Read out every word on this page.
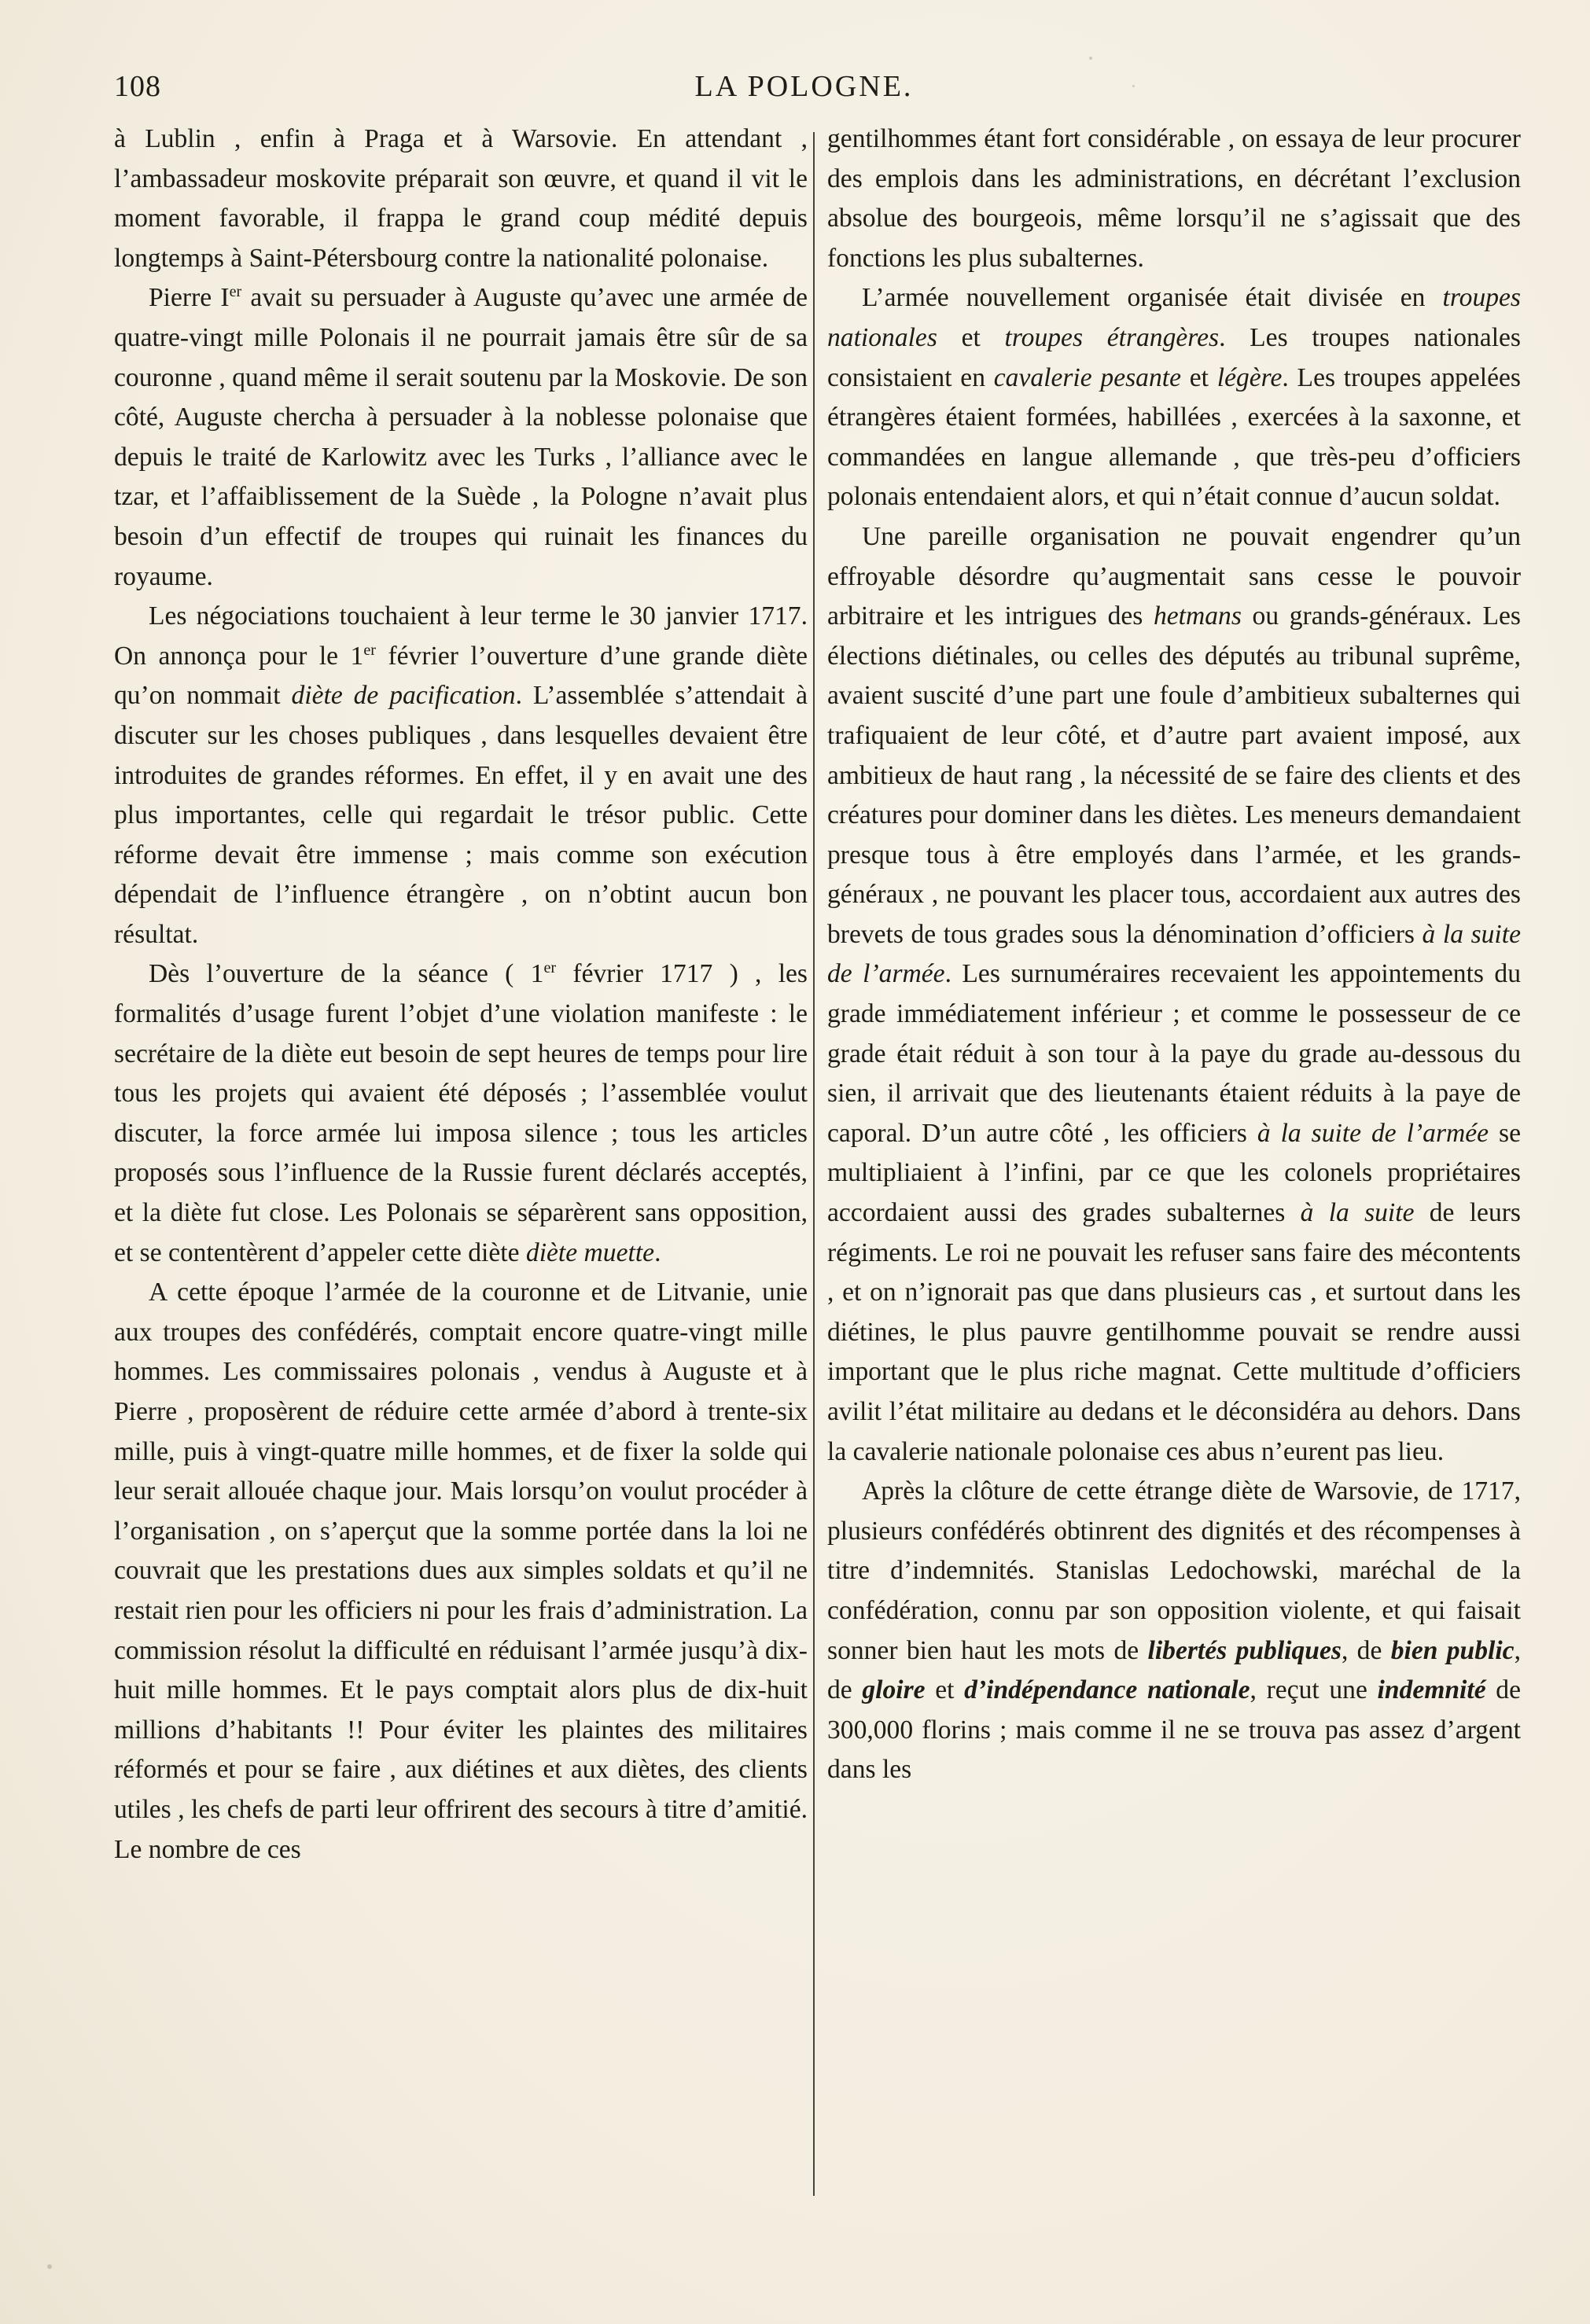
108	LA POLOGNE.

à Lublin , enfin à Praga et à Warsovie. En attendant , l’ambassadeur moskovite préparait son œuvre, et quand il vit le moment favorable, il frappa le grand coup médité depuis longtemps à Saint-Pétersbourg contre la nationalité polonaise.

Pierre Ier avait su persuader à Auguste qu’avec une armée de quatre-vingt mille Polonais il ne pourrait jamais être sûr de sa couronne , quand même il serait soutenu par la Moskovie. De son côté, Auguste chercha à persuader à la noblesse polonaise que depuis le traité de Karlowitz avec les Turks , l’alliance avec le tzar, et l’affaiblissement de la Suède , la Pologne n’avait plus besoin d’un effectif de troupes qui ruinait les finances du royaume.

Les négociations touchaient à leur terme le 30 janvier 1717. On annonça pour le 1er février l’ouverture d’une grande diète qu’on nommait diète de pacification. L’assemblée s’attendait à discuter sur les choses publiques , dans lesquelles devaient être introduites de grandes réformes. En effet, il y en avait une des plus importantes, celle qui regardait le trésor public. Cette réforme devait être immense ; mais comme son exécution dépendait de l’influence étrangère , on n’obtint aucun bon résultat.

Dès l’ouverture de la séance ( 1er février 1717 ) , les formalités d’usage furent l’objet d’une violation manifeste : le secrétaire de la diète eut besoin de sept heures de temps pour lire tous les projets qui avaient été déposés ; l’assemblée voulut discuter, la force armée lui imposa silence ; tous les articles proposés sous l’influence de la Russie furent déclarés acceptés, et la diète fut close. Les Polonais se séparèrent sans opposition, et se contentèrent d’appeler cette diète diète muette.

A cette époque l’armée de la couronne et de Litvanie, unie aux troupes des confédérés, comptait encore quatre-vingt mille hommes. Les commissaires polonais , vendus à Auguste et à Pierre , proposèrent de réduire cette armée d’abord à trente-six mille, puis à vingt-quatre mille hommes, et de fixer la solde qui leur serait allouée chaque jour. Mais lorsqu’on voulut procéder à l’organisation , on s’aperçut que la somme portée dans la loi ne couvrait que les prestations dues aux simples soldats et qu’il ne restait rien pour les officiers ni pour les frais d’administration. La commission résolut la difficulté en réduisant l’armée jusqu’à dix-huit mille hommes. Et le pays comptait alors plus de dix-huit millions d’habitants !! Pour éviter les plaintes des militaires réformés et pour se faire , aux diétines et aux diètes, des clients utiles , les chefs de parti leur offrirent des secours à titre d’amitié. Le nombre de ces

gentilhommes étant fort considérable , on essaya de leur procurer des emplois dans les administrations, en décrétant l’exclusion absolue des bourgeois, même lorsqu’il ne s’agissait que des fonctions les plus subalternes.

L’armée nouvellement organisée était divisée en troupes nationales et troupes étrangères. Les troupes nationales consistaient en cavalerie pesante et légère. Les troupes appelées étrangères étaient formées, habillées , exercées à la saxonne, et commandées en langue allemande , que très-peu d’officiers polonais entendaient alors, et qui n’était connue d’aucun soldat.

Une pareille organisation ne pouvait engendrer qu’un effroyable désordre qu’augmentait sans cesse le pouvoir arbitraire et les intrigues des hetmans ou grands-généraux. Les élections diétinales, ou celles des députés au tribunal suprême, avaient suscité d’une part une foule d’ambitieux subalternes qui trafiquaient de leur côté, et d’autre part avaient imposé, aux ambitieux de haut rang , la nécessité de se faire des clients et des créatures pour dominer dans les diètes. Les meneurs demandaient presque tous à être employés dans l’armée, et les grands-généraux , ne pouvant les placer tous, accordaient aux autres des brevets de tous grades sous la dénomination d’officiers à la suite de l’armée. Les surnuméraires recevaient les appointements du grade immédiatement inférieur ; et comme le possesseur de ce grade était réduit à son tour à la paye du grade au-dessous du sien, il arrivait que des lieutenants étaient réduits à la paye de caporal. D’un autre côté , les officiers à la suite de l’armée se multipliaient à l’infini, par ce que les colonels propriétaires accordaient aussi des grades subalternes à la suite de leurs régiments. Le roi ne pouvait les refuser sans faire des mécontents , et on n’ignorait pas que dans plusieurs cas , et surtout dans les diétines, le plus pauvre gentilhomme pouvait se rendre aussi important que le plus riche magnat. Cette multitude d’officiers avilit l’état militaire au dedans et le déconsidéra au dehors. Dans la cavalerie nationale polonaise ces abus n’eurent pas lieu.

Après la clôture de cette étrange diète de Warsovie, de 1717, plusieurs confédérés obtinrent des dignités et des récompenses à titre d’indemnités. Stanislas Ledochowski, maréchal de la confédération, connu par son opposition violente, et qui faisait sonner bien haut les mots de libertés publiques, de bien public, de gloire et d’indépendance nationale, reçut une indemnité de 300,000 florins ; mais comme il ne se trouva pas assez d’argent dans les
